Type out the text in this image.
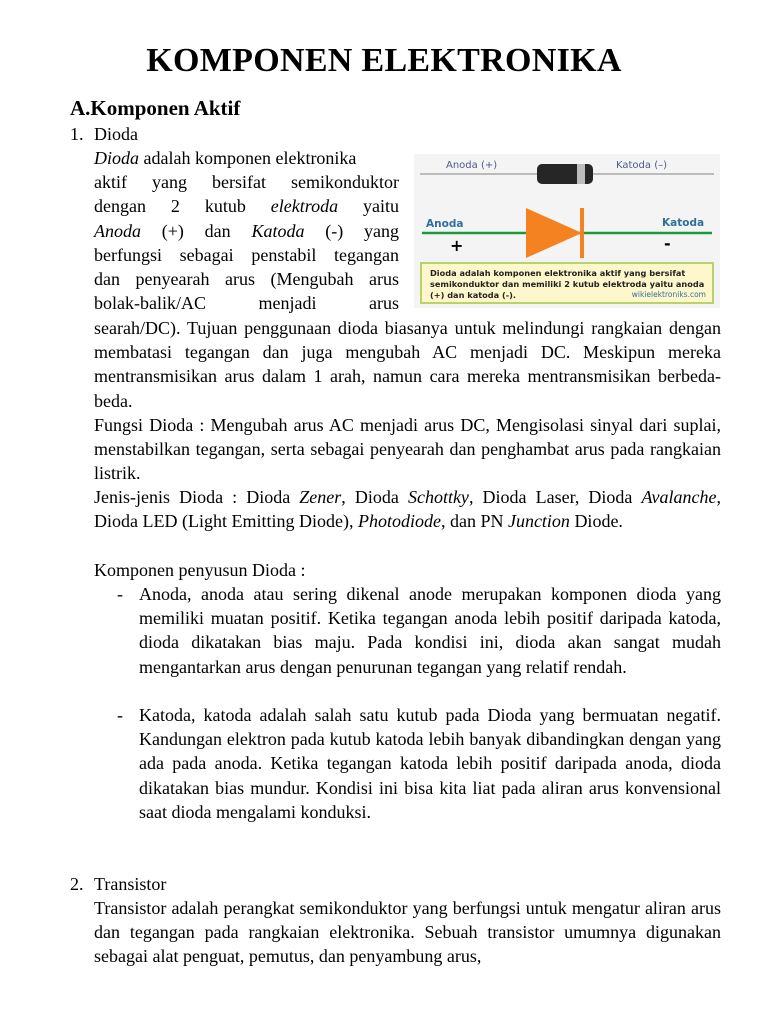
KOMPONEN ELEKTRONIKA
A.Komponen Aktif
1. Dioda
Dioda adalah komponen elektronika
aktif yang bersifat semikonduktor
dengan 2 kutub elektroda yaitu
Anoda (+) dan Katoda (-) yang
berfungsi sebagai penstabil tegangan
dan penyearah arus (Mengubah arus
bolak-balik/AC menjadi arus

searah/DC). Tujuan penggunaan dioda biasanya untuk melindungi rangkaian dengan membatasi tegangan dan juga mengubah AC menjadi DC. Meskipun mereka mentransmisikan arus dalam 1 arah, namun cara mereka mentransmisikan berbeda-beda.

Fungsi Dioda : Mengubah arus AC menjadi arus DC, Mengisolasi sinyal dari suplai, menstabilkan tegangan, serta sebagai penyearah dan penghambat arus pada rangkaian listrik.

Jenis-jenis Dioda : Dioda Zener, Dioda Schottky, Dioda Laser, Dioda Avalanche, Dioda LED (Light Emitting Diode), Photodiode, dan PN Junction Diode.

Komponen penyusun Dioda :

- Anoda, anoda atau sering dikenal anode merupakan komponen dioda yang memiliki muatan positif. Ketika tegangan anoda lebih positif daripada katoda, dioda dikatakan bias maju. Pada kondisi ini, dioda akan sangat mudah mengantarkan arus dengan penurunan tegangan yang relatif rendah.

- Katoda, katoda adalah salah satu kutub pada Dioda yang bermuatan negatif. Kandungan elektron pada kutub katoda lebih banyak dibandingkan dengan yang ada pada anoda. Ketika tegangan katoda lebih positif daripada anoda, dioda dikatakan bias mundur. Kondisi ini bisa kita liat pada aliran arus konvensional saat dioda mengalami konduksi.

2. Transistor

Transistor adalah perangkat semikonduktor yang berfungsi untuk mengatur aliran arus dan tegangan pada rangkaian elektronika. Sebuah transistor umumnya digunakan sebagai alat penguat, pemutus, dan penyambung arus,

Anoda (+)	Katoda (–)
Anoda	Katoda
+	-
Dioda adalah komponen elektronika aktif yang bersifat semikonduktor dan memiliki 2 kutub elektroda yaitu anoda (+) dan katoda (-).	wikielektroniks.com
